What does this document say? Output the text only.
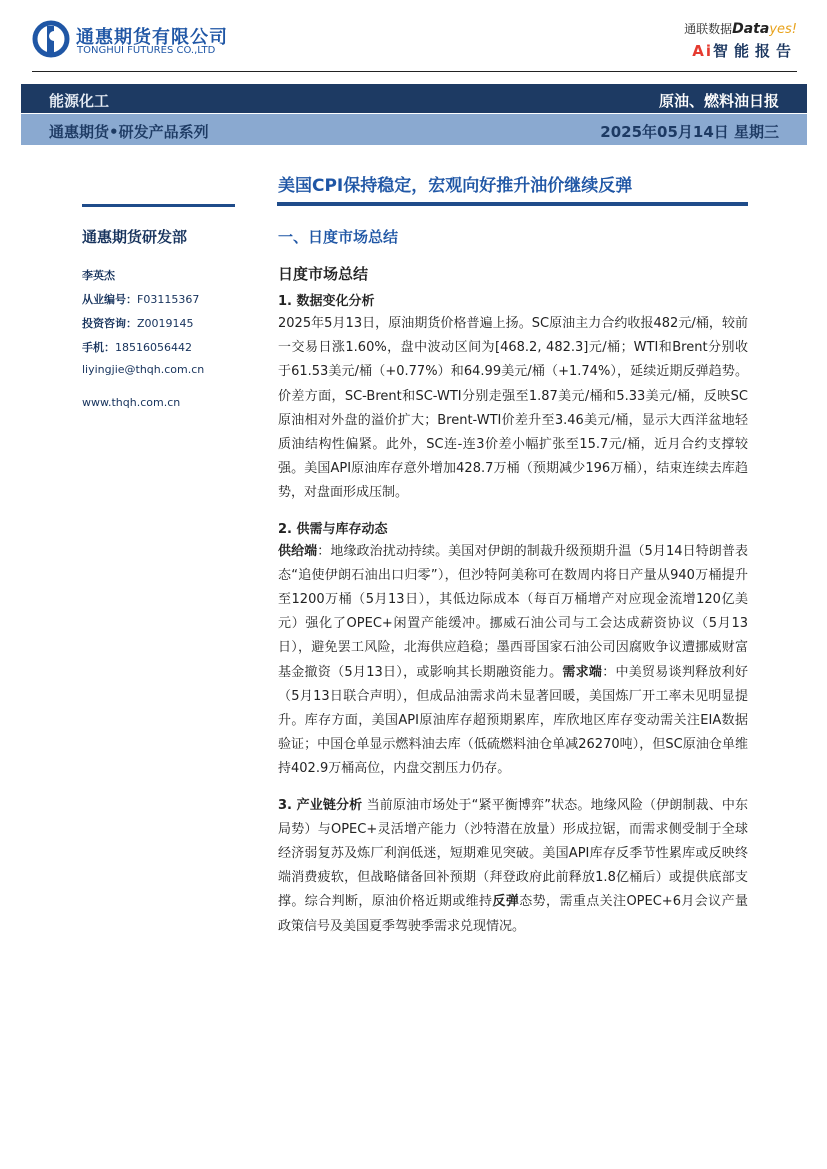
通惠期货有限公司
TONGHUI FUTURES CO.,LTD
通联数据Datayes!
Ai智能报告
能源化工	原油、燃料油日报
通惠期货•研发产品系列	2025年05月14日 星期三
美国CPI保持稳定，宏观向好推升油价继续反弹
通惠期货研发部
李英杰
从业编号：F03115367
投资咨询：Z0019145
手机：18516056442
liyingjie@thqh.com.cn
www.thqh.com.cn
一、日度市场总结
日度市场总结
1. 数据变化分析
2025年5月13日，原油期货价格普遍上扬。SC原油主力合约收报482元/桶，较前一交易日涨1.60%，盘中波动区间为[468.2, 482.3]元/桶；WTI和Brent分别收于61.53美元/桶（+0.77%）和64.99美元/桶（+1.74%），延续近期反弹趋势。价差方面，SC-Brent和SC-WTI分别走强至1.87美元/桶和5.33美元/桶，反映SC原油相对外盘的溢价扩大；Brent-WTI价差升至3.46美元/桶，显示大西洋盆地轻质油结构性偏紧。此外，SC连-连3价差小幅扩张至15.7元/桶，近月合约支撑较强。美国API原油库存意外增加428.7万桶（预期减少196万桶），结束连续去库趋势，对盘面形成压制。
2. 供需与库存动态
供给端：地缘政治扰动持续。美国对伊朗的制裁升级预期升温（5月14日特朗普表态“追使伊朗石油出口归零”），但沙特阿美称可在数周内将日产量从940万桶提升至1200万桶（5月13日），其低边际成本（每百万桶增产对应现金流增120亿美元）强化了OPEC+闲置产能缓冲。挪威石油公司与工会达成薪资协议（5月13日），避免罢工风险，北海供应趋稳；墨西哥国家石油公司因腐败争议遭挪威财富基金撤资（5月13日），或影响其长期融资能力。需求端：中美贸易谈判释放利好（5月13日联合声明），但成品油需求尚未显著回暖，美国炼厂开工率未见明显提升。库存方面，美国API原油库存超预期累库，库欣地区库存变动需关注EIA数据验证；中国仓单显示燃料油去库（低硫燃料油仓单减26270吨），但SC原油仓单维持402.9万桶高位，内盘交割压力仍存。
3. 产业链分析 当前原油市场处于“紧平衡博弈”状态。地缘风险（伊朗制裁、中东局势）与OPEC+灵活增产能力（沙特潜在放量）形成拉锯，而需求侧受制于全球经济弱复苏及炼厂利润低迷，短期难见突破。美国API库存反季节性累库或反映终端消费疲软，但战略储备回补预期（拜登政府此前释放1.8亿桶后）或提供底部支撑。综合判断，原油价格近期或维持反弹态势，需重点关注OPEC+6月会议产量政策信号及美国夏季驾驶季需求兑现情况。
